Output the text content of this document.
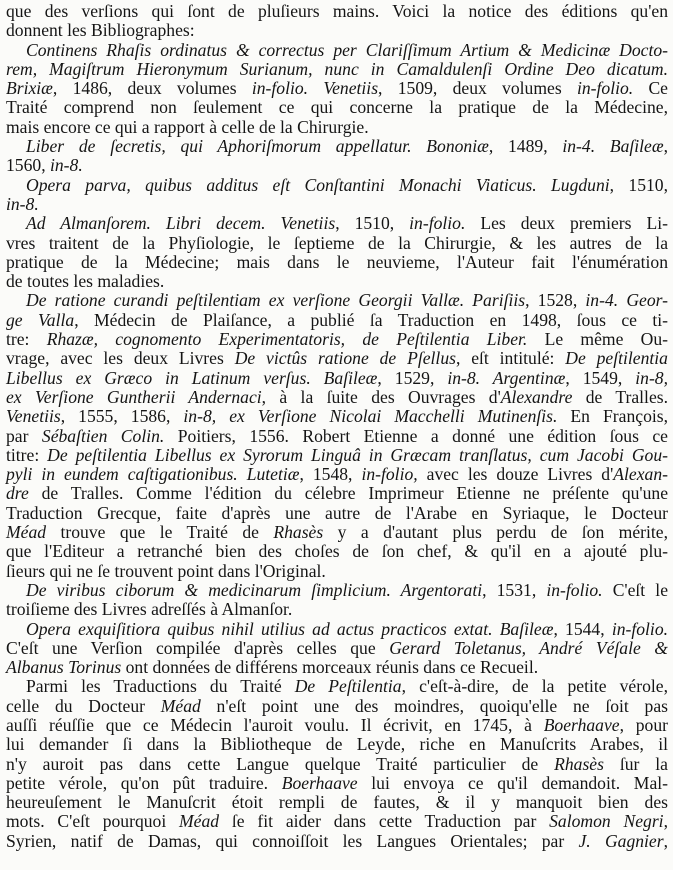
que des verſions qui ſont de pluſieurs mains. Voici la notice des éditions qu'en
donnent les Bibliographes:
Continens Rhaſis ordinatus & correctus per Clariſſimum Artium & Medicinæ Docto-
rem, Magiſtrum Hieronymum Surianum, nunc in Camaldulenſi Ordine Deo dicatum.
Brixiæ, 1486, deux volumes in-folio. Venetiis, 1509, deux volumes in-folio. Ce
Traité comprend non ſeulement ce qui concerne la pratique de la Médecine,
mais encore ce qui a rapport à celle de la Chirurgie.
Liber de ſecretis, qui Aphoriſmorum appellatur. Bononiæ, 1489, in-4. Baſileæ,
1560, in-8.
Opera parva, quibus additus eſt Conſtantini Monachi Viaticus. Lugduni, 1510,
in-8.
Ad Almanſorem. Libri decem. Venetiis, 1510, in-folio. Les deux premiers Li-
vres traitent de la Phyſiologie, le ſeptieme de la Chirurgie, & les autres de la
pratique de la Médecine; mais dans le neuvieme, l'Auteur fait l'énumération
de toutes les maladies.
De ratione curandi peſtilentiam ex verſione Georgii Vallæ. Pariſiis, 1528, in-4. Geor-
ge Valla, Médecin de Plaiſance, a publié ſa Traduction en 1498, ſous ce ti-
tre: Rhazæ, cognomento Experimentatoris, de Peſtilentia Liber. Le même Ou-
vrage, avec les deux Livres De victûs ratione de Pſellus, eſt intitulé: De peſtilentia
Libellus ex Græco in Latinum verſus. Baſileæ, 1529, in-8. Argentinæ, 1549, in-8,
ex Verſione Guntherii Andernaci, à la ſuite des Ouvrages d'Alexandre de Tralles.
Venetiis, 1555, 1586, in-8, ex Verſione Nicolai Macchelli Mutinenſis. En François,
par Sébaſtien Colin. Poitiers, 1556. Robert Etienne a donné une édition ſous ce
titre: De peſtilentia Libellus ex Syrorum Linguâ in Græcam tranſlatus, cum Jacobi Gou-
pyli in eundem caſtigationibus. Lutetiæ, 1548, in-folio, avec les douze Livres d'Alexan-
dre de Tralles. Comme l'édition du célebre Imprimeur Etienne ne préſente qu'une
Traduction Grecque, faite d'après une autre de l'Arabe en Syriaque, le Docteur
Méad trouve que le Traité de Rhasès y a d'autant plus perdu de ſon mérite,
que l'Editeur a retranché bien des choſes de ſon chef, & qu'il en a ajouté plu-
ſieurs qui ne ſe trouvent point dans l'Original.
De viribus ciborum & medicinarum ſimplicium. Argentorati, 1531, in-folio. C'eſt le
troiſieme des Livres adreſſés à Almanſor.
Opera exquiſitiora quibus nihil utilius ad actus practicos extat. Baſileæ, 1544, in-folio.
C'eſt une Verſion compilée d'après celles que Gerard Toletanus, André Véſale &
Albanus Torinus ont données de différens morceaux réunis dans ce Recueil.
Parmi les Traductions du Traité De Peſtilentia, c'eſt-à-dire, de la petite vérole,
celle du Docteur Méad n'eſt point une des moindres, quoiqu'elle ne ſoit pas
auſſi réuſſie que ce Médecin l'auroit voulu. Il écrivit, en 1745, à Boerhaave, pour
lui demander ſi dans la Bibliotheque de Leyde, riche en Manuſcrits Arabes, il
n'y auroit pas dans cette Langue quelque Traité particulier de Rhasès ſur la
petite vérole, qu'on pût traduire. Boerhaave lui envoya ce qu'il demandoit. Mal-
heureuſement le Manuſcrit étoit rempli de fautes, & il y manquoit bien des
mots. C'eſt pourquoi Méad ſe fit aider dans cette Traduction par Salomon Negri,
Syrien, natif de Damas, qui connoiſſoit les Langues Orientales; par J. Gagnier,
